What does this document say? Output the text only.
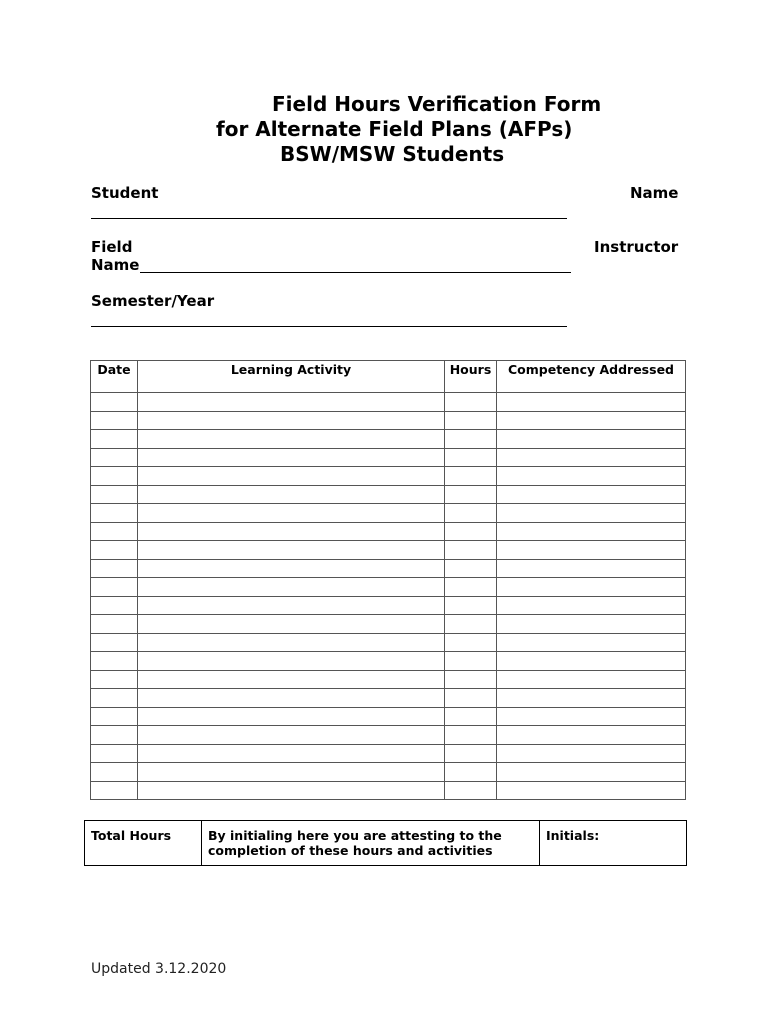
Field Hours Verification Form
for Alternate Field Plans (AFPs)
BSW/MSW Students
Student	Name
Field	Instructor
Name
Semester/Year
Date	Learning Activity	Hours	Competency Addressed

Total Hours	By initialing here you are attesting to the completion of these hours and activities	Initials:
Updated 3.12.2020
